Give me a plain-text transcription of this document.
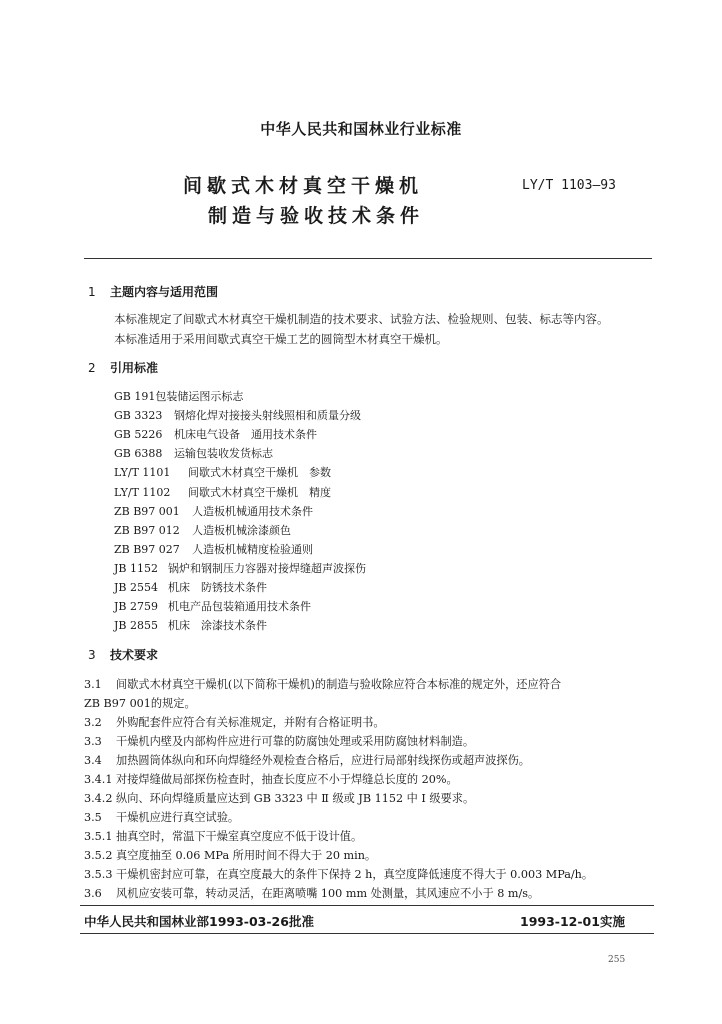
中华人民共和国林业行业标准
间歇式木材真空干燥机
制造与验收技术条件
LY/T 1103—93
1 主题内容与适用范围
本标准规定了间歇式木材真空干燥机制造的技术要求、试验方法、检验规则、包装、标志等内容。
本标准适用于采用间歇式真空干燥工艺的圆筒型木材真空干燥机。
2 引用标准
GB 191包装储运图示标志
GB 3323 钢熔化焊对接接头射线照相和质量分级
GB 5226 机床电气设备　通用技术条件
GB 6388 运输包装收发货标志
LY/T 1101 间歇式木材真空干燥机　参数
LY/T 1102 间歇式木材真空干燥机　精度
ZB B97 001 人造板机械通用技术条件
ZB B97 012 人造板机械涂漆颜色
ZB B97 027 人造板机械精度检验通则
JB 1152 锅炉和钢制压力容器对接焊缝超声波探伤
JB 2554 机床　防锈技术条件
JB 2759 机电产品包装箱通用技术条件
JB 2855 机床　涂漆技术条件
3 技术要求
3.1 间歇式木材真空干燥机(以下简称干燥机)的制造与验收除应符合本标准的规定外，还应符合
ZB B97 001的规定。
3.2 外购配套件应符合有关标准规定，并附有合格证明书。
3.3 干燥机内壁及内部构件应进行可靠的防腐蚀处理或采用防腐蚀材料制造。
3.4 加热圆筒体纵向和环向焊缝经外观检查合格后，应进行局部射线探伤或超声波探伤。
3.4.1 对接焊缝做局部探伤检查时，抽查长度应不小于焊缝总长度的 20%。
3.4.2 纵向、环向焊缝质量应达到 GB 3323 中 Ⅱ 级或 JB 1152 中 Ⅰ 级要求。
3.5 干燥机应进行真空试验。
3.5.1 抽真空时，常温下干燥室真空度应不低于设计值。
3.5.2 真空度抽至 0.06 MPa 所用时间不得大于 20 min。
3.5.3 干燥机密封应可靠，在真空度最大的条件下保持 2 h，真空度降低速度不得大于 0.003 MPa/h。
3.6 风机应安装可靠，转动灵活，在距离喷嘴 100 mm 处测量，其风速应不小于 8 m/s。
中华人民共和国林业部1993-03-26批准	1993-12-01实施
255
